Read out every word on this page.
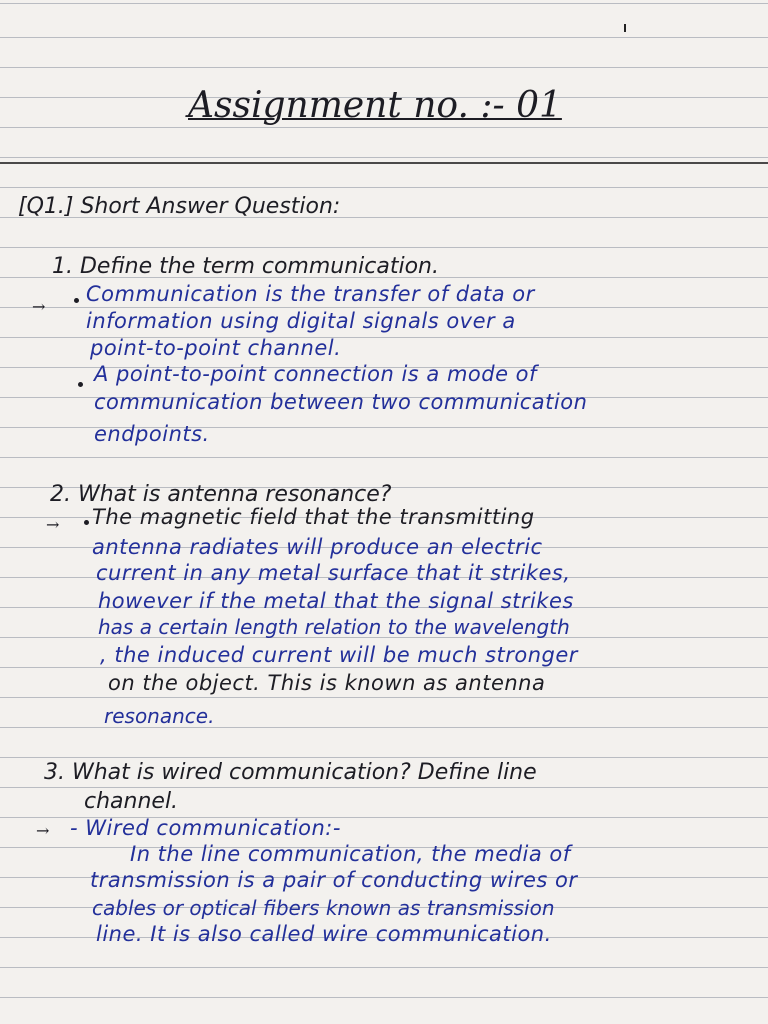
Assignment no. :- 01
[Q1.] Short Answer Question:
1. Define the term communication.
→
Communication is the transfer of data or
information using digital signals over a
point-to-point channel.
A point-to-point connection is a mode of
communication between two communication
endpoints.
2. What is antenna resonance?
→ The magnetic field that the transmitting
antenna radiates will produce an electric
current in any metal surface that it strikes,
however if the metal that the signal strikes
has a certain length relation to the wavelength
, the induced current will be much stronger
on the object. This is known as antenna
resonance.
3. What is wired communication? Define line
channel.
→ - Wired communication:-
In the line communication, the media of
transmission is a pair of conducting wires or
cables or optical fibers known as transmission
line. It is also called wire communication.
